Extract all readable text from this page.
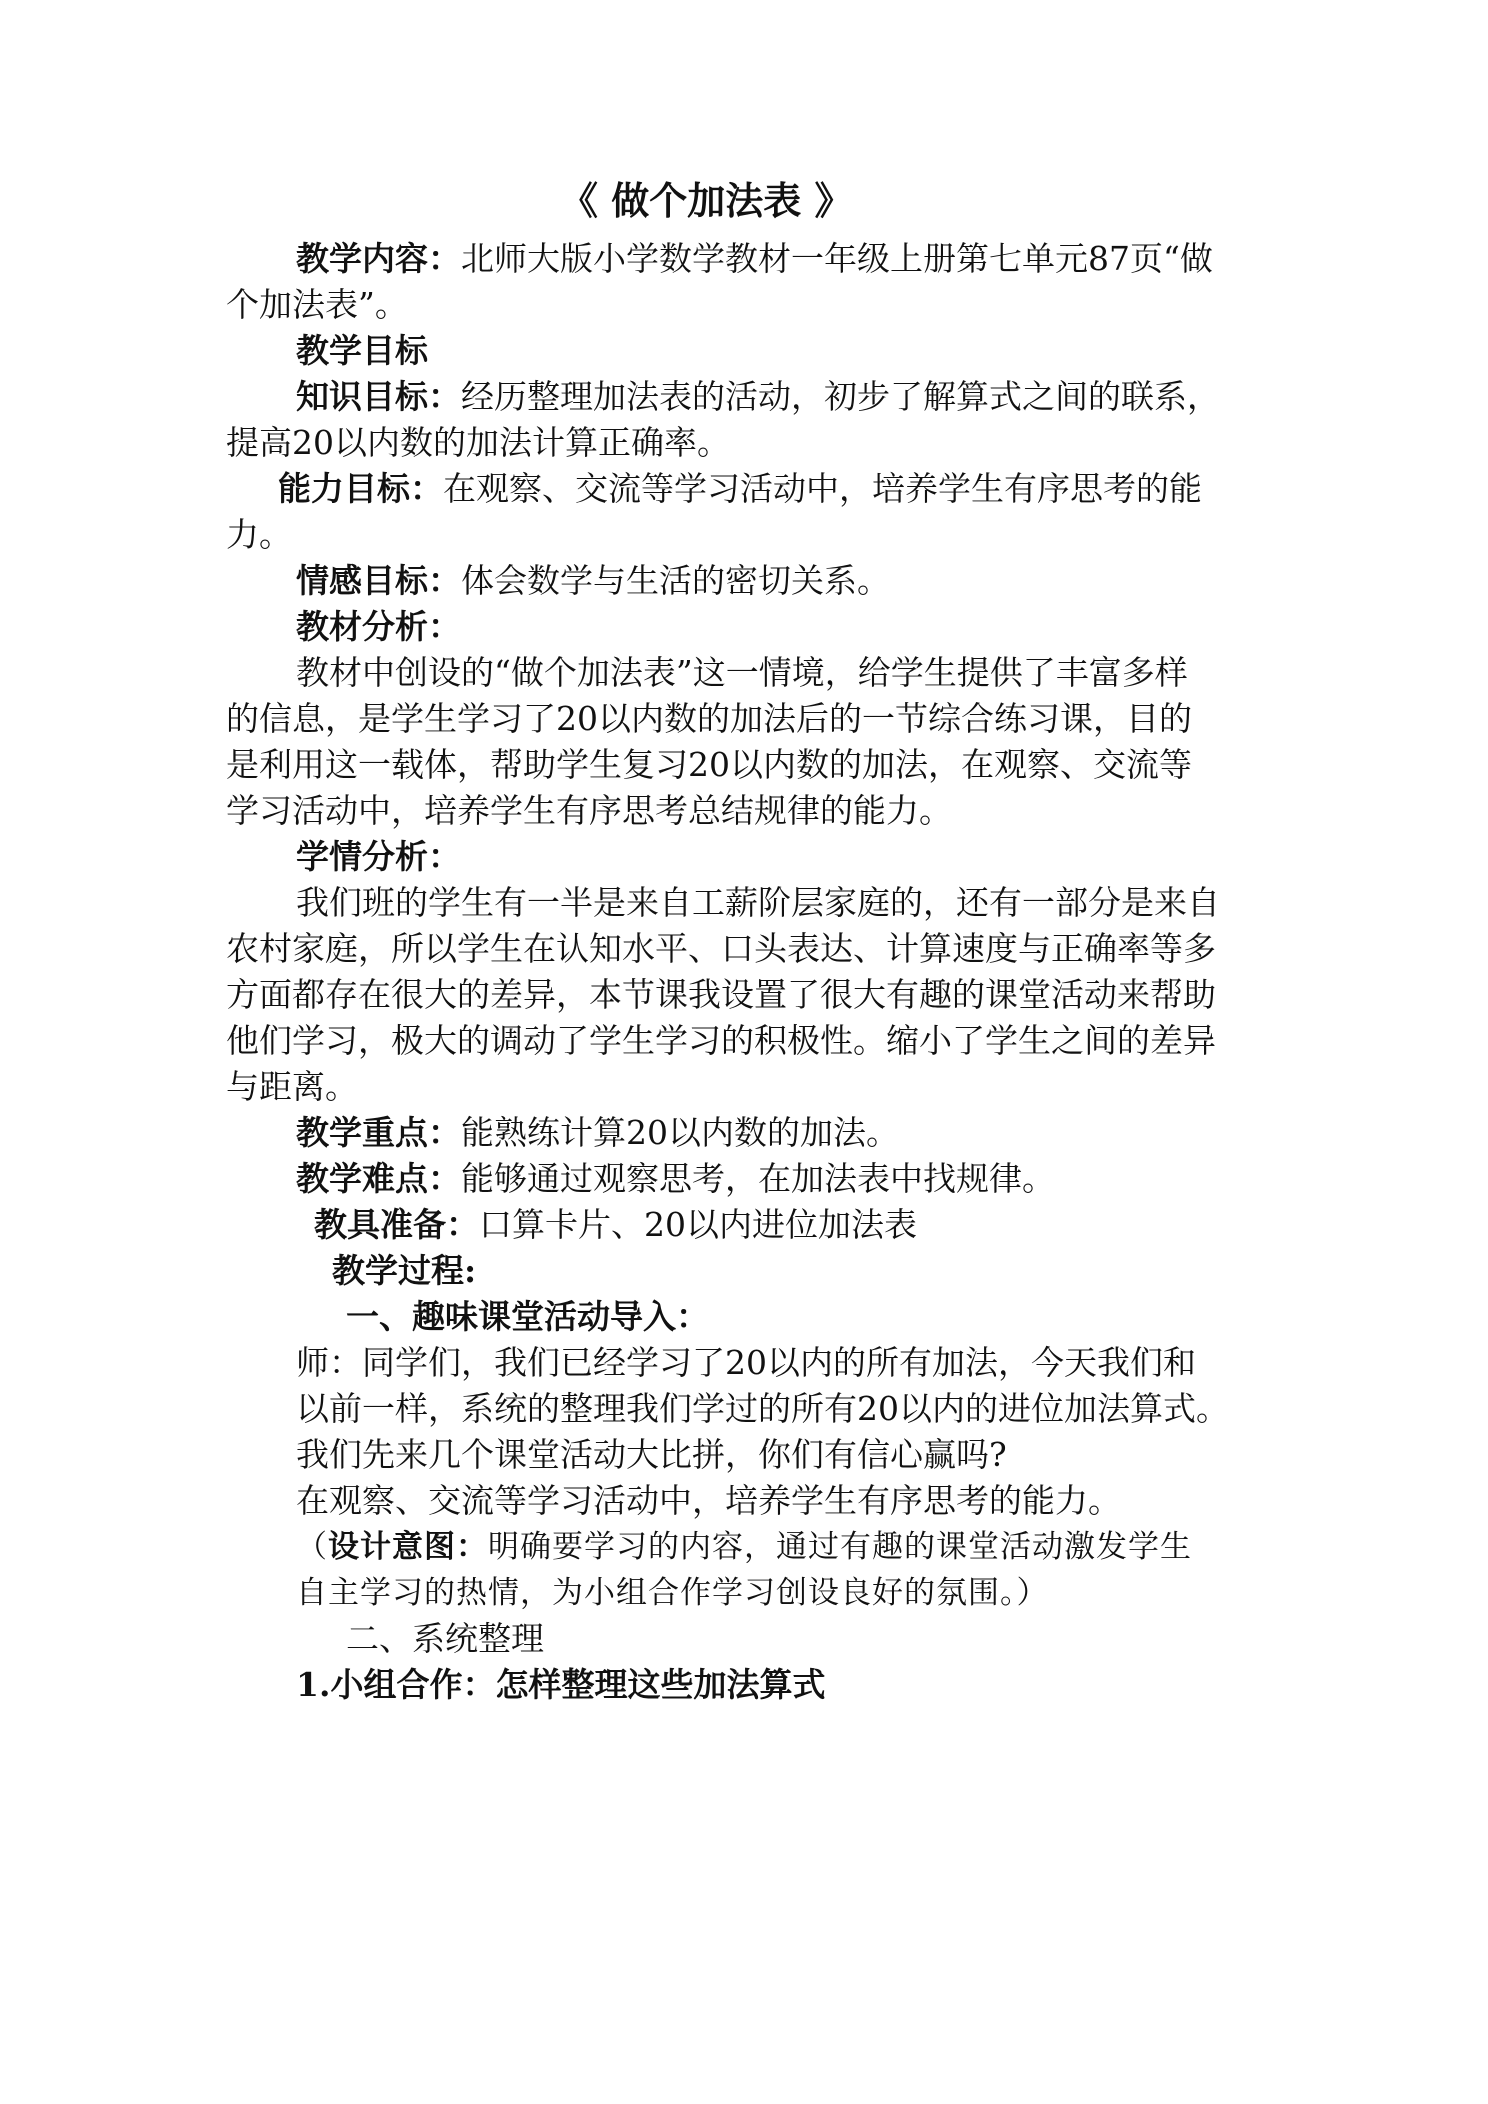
《 做个加法表 》
教学内容：北师大版小学数学教材一年级上册第七单元87页“做
个加法表”。
教学目标
知识目标：经历整理加法表的活动，初步了解算式之间的联系，
提高20以内数的加法计算正确率。
能力目标：在观察、交流等学习活动中，培养学生有序思考的能
力。
情感目标：体会数学与生活的密切关系。
教材分析：
教材中创设的“做个加法表”这一情境，给学生提供了丰富多样
的信息，是学生学习了20以内数的加法后的一节综合练习课，目的
是利用这一载体，帮助学生复习20以内数的加法，在观察、交流等
学习活动中，培养学生有序思考总结规律的能力。
学情分析：
我们班的学生有一半是来自工薪阶层家庭的，还有一部分是来自
农村家庭，所以学生在认知水平、口头表达、计算速度与正确率等多
方面都存在很大的差异，本节课我设置了很大有趣的课堂活动来帮助
他们学习，极大的调动了学生学习的积极性。缩小了学生之间的差异
与距离。
教学重点：能熟练计算20以内数的加法。
教学难点：能够通过观察思考，在加法表中找规律。
教具准备：口算卡片、20以内进位加法表
教学过程:
一、趣味课堂活动导入：
师：同学们，我们已经学习了20以内的所有加法，今天我们和
以前一样，系统的整理我们学过的所有20以内的进位加法算式。
我们先来几个课堂活动大比拼，你们有信心赢吗?
在观察、交流等学习活动中，培养学生有序思考的能力。
（设计意图：明确要学习的内容，通过有趣的课堂活动激发学生
自主学习的热情，为小组合作学习创设良好的氛围。）
二、系统整理
1.小组合作：怎样整理这些加法算式
